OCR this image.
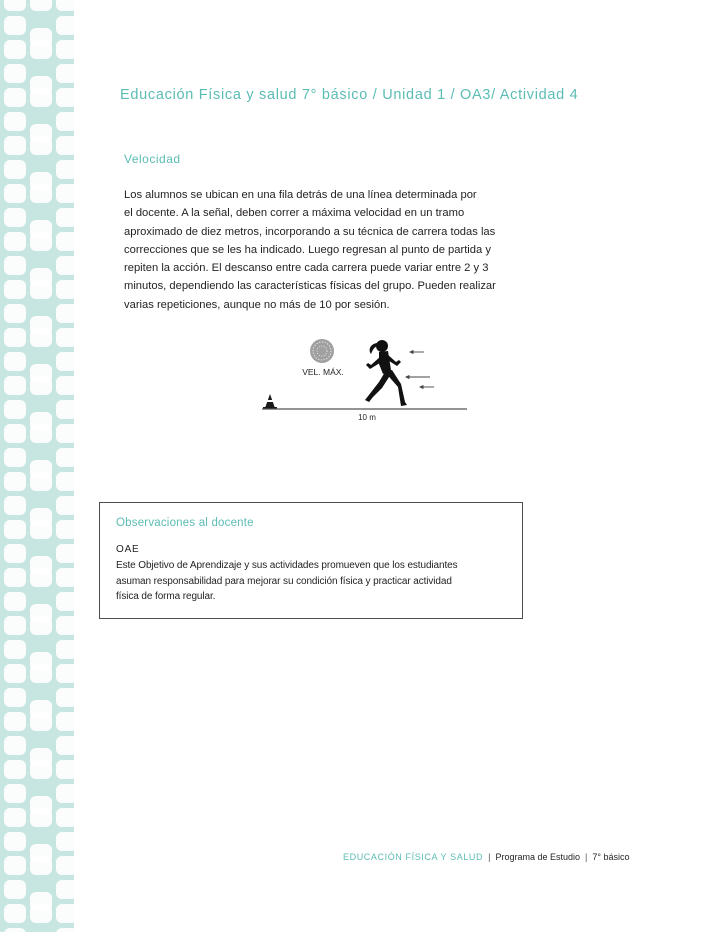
Educación Física y salud 7° básico / Unidad 1 / OA3/ Actividad 4
Velocidad
Los alumnos se ubican en una fila detrás de una línea determinada por
el docente. A la señal, deben correr a máxima velocidad en un tramo
aproximado de diez metros, incorporando a su técnica de carrera todas las
correcciones que se les ha indicado. Luego regresan al punto de partida y
repiten la acción. El descanso entre cada carrera puede variar entre 2 y 3
minutos, dependiendo las características físicas del grupo. Pueden realizar
varias repeticiones, aunque no más de 10 por sesión.
VEL. MÁX.
10 m
Observaciones al docente
OAE
Este Objetivo de Aprendizaje y sus actividades promueven que los estudiantes
asuman responsabilidad para mejorar su condición física y practicar actividad
física de forma regular.
EDUCACIÓN FÍSICA Y SALUD | Programa de Estudio | 7° básico
